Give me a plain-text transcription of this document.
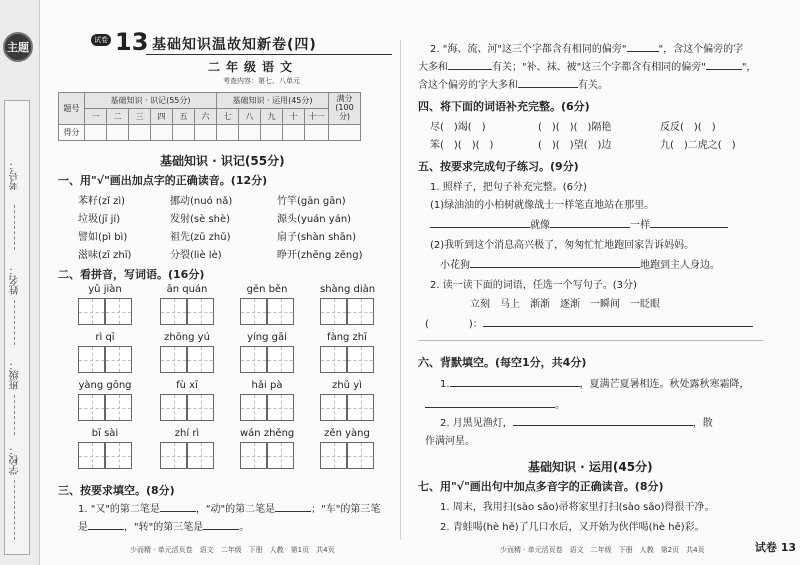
主题
考号：
姓名：
班级：
学校：
试卷 13 基础知识温故知新卷(四)
二年级语文
考查内容：第七、八单元
题号	基础知识 · 识记(55分)						基础知识 · 运用(45分)					满分
(100分)
	一	二	三	四	五	六	七	八	九	十	十一	
得分												
基础知识 · 识记(55分)
一、用"√"画出加点字的正确读音。(12分)
苯籽(zǐ zì)	挪动(nuó nǎ)	竹竿(gān gān)
垃圾(jī jí)	发射(sè shè)	源头(yuán yán)
譬如(pì bì)	祖先(zǔ zhǔ)	扇子(shàn shān)
滋味(zī zhī)	分裂(liè lè)	睁开(zhēng zēng)
二、看拼音，写词语。(16分)
yǔ jiàn	ān quán	gēn běn	shàng diàn
rì qī	zhōng yú	yíng gāi	fàng zhī
yàng gōng	fù xī	hǎi pà	zhǔ yì
bī sài	zhí rì	wán zhěng	zěn yàng
三、按要求填空。(8分)
1. "又"的第二笔是	，"动"的第二笔是	；"车"的第三笔
是	，"转"的第三笔是	。
少而精 · 单元活页卷　语文　二年级　下册　人教　第1页　共4页
2. "海、流、河"这三个字都含有相同的偏旁"	"，含这个偏旁的字
大多和	有关；"补、袜、被"这三个字都含有相同的偏旁"	"，
含这个偏旁的字大多和	有关。
四、将下面的词语补充完整。(6分)
尽(　)竭(　)	(　)(　)(　)隔艳	反反(　)(　)
笨(　)(　)(　)	(　)(　)望(　)边	九(　)二虎之(　)
五、按要求完成句子练习。(9分)
1. 照样子，把句子补充完整。(6分)
(1)绿油油的小柏树就像战士一样笔直地站在那里。
就像	一样
(2)我听到这个消息高兴极了，匆匆忙忙地跑回家告诉妈妈。
小花狗	地跑到主人身边。
2. 读一读下面的词语，任选一个写句子。(3分)
立刻　马上　渐渐　逐渐　一瞬间　一眨眼
(	)：
六、背默填空。(每空1分，共4分)
1.	，夏满芒夏暑相连。秋处露秋寒霜降，
。
2. 月黑见渔灯，	，散
作满河星。
基础知识 · 运用(45分)
七、用"√"画出句中加点多音字的正确读音。(8分)
1. 周末，我用扫(sào sǎo)帚将家里打扫(sào sǎo)得很干净。
2. 青蛙喝(hè hē)了几口水后，又开始为伙伴喝(hè hē)彩。
少而精 · 单元活页卷　语文　二年级　下册　人教　第2页　共4页	试卷 13
